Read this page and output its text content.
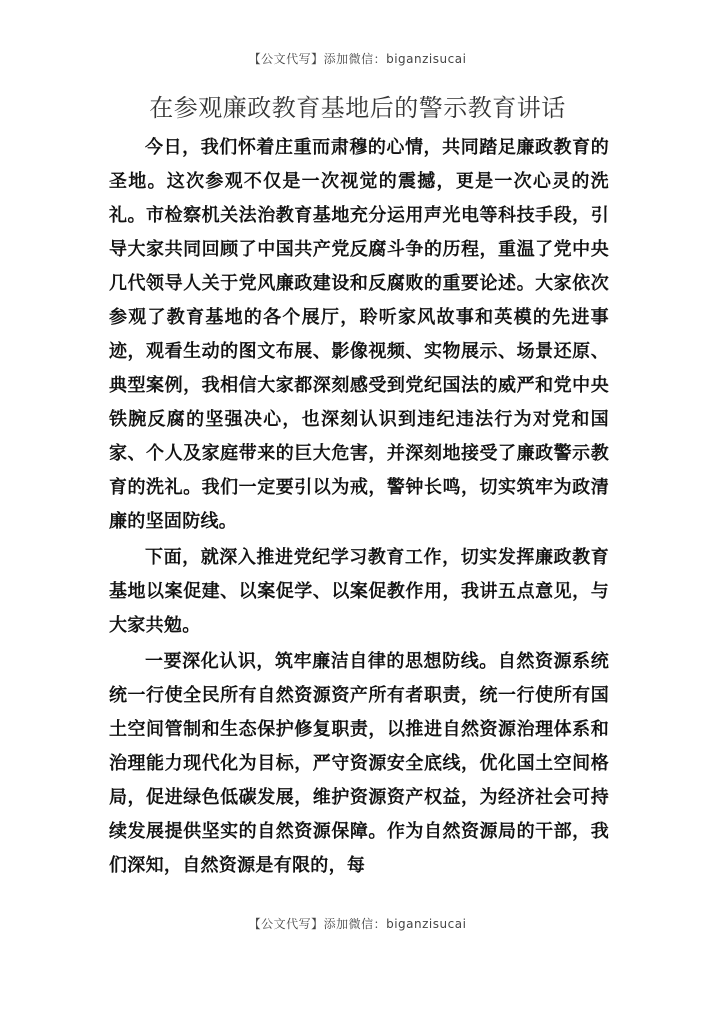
【公文代写】添加微信：biganzisucai
在参观廉政教育基地后的警示教育讲话

今日，我们怀着庄重而肃穆的心情，共同踏足廉政教育的圣地。这次参观不仅是一次视觉的震撼，更是一次心灵的洗礼。市检察机关法治教育基地充分运用声光电等科技手段，引导大家共同回顾了中国共产党反腐斗争的历程，重温了党中央几代领导人关于党风廉政建设和反腐败的重要论述。大家依次参观了教育基地的各个展厅，聆听家风故事和英模的先进事迹，观看生动的图文布展、影像视频、实物展示、场景还原、典型案例，我相信大家都深刻感受到党纪国法的威严和党中央铁腕反腐的坚强决心，也深刻认识到违纪违法行为对党和国家、个人及家庭带来的巨大危害，并深刻地接受了廉政警示教育的洗礼。我们一定要引以为戒，警钟长鸣，切实筑牢为政清廉的坚固防线。

下面，就深入推进党纪学习教育工作，切实发挥廉政教育基地以案促建、以案促学、以案促教作用，我讲五点意见，与大家共勉。

一要深化认识，筑牢廉洁自律的思想防线。自然资源系统统一行使全民所有自然资源资产所有者职责，统一行使所有国土空间管制和生态保护修复职责，以推进自然资源治理体系和治理能力现代化为目标，严守资源安全底线，优化国土空间格局，促进绿色低碳发展，维护资源资产权益，为经济社会可持续发展提供坚实的自然资源保障。作为自然资源局的干部，我们深知，自然资源是有限的，每

【公文代写】添加微信：biganzisucai
